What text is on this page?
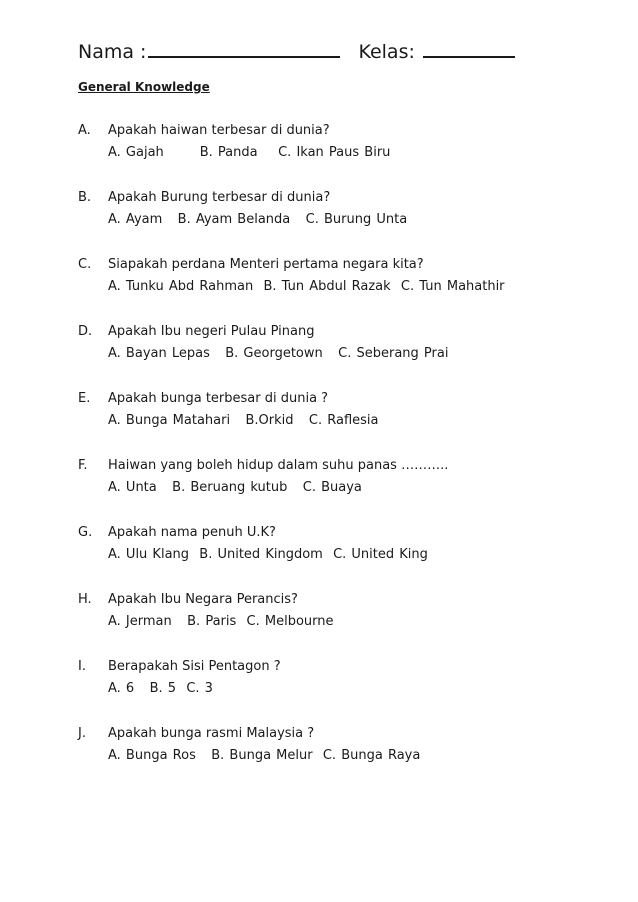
Nama :	Kelas:
General Knowledge
A. Apakah haiwan terbesar di dunia?
A. Gajah       B. Panda    C. Ikan Paus Biru
B. Apakah Burung terbesar di dunia?
A. Ayam   B. Ayam Belanda   C. Burung Unta
C. Siapakah perdana Menteri pertama negara kita?
A. Tunku Abd Rahman  B. Tun Abdul Razak  C. Tun Mahathir
D. Apakah Ibu negeri Pulau Pinang
A. Bayan Lepas   B. Georgetown   C. Seberang Prai
E. Apakah bunga terbesar di dunia ?
A. Bunga Matahari   B.Orkid   C. Raflesia
F. Haiwan yang boleh hidup dalam suhu panas ………..
A. Unta   B. Beruang kutub   C. Buaya
G. Apakah nama penuh U.K?
A. Ulu Klang  B. United Kingdom  C. United King
H. Apakah Ibu Negara Perancis?
A. Jerman   B. Paris  C. Melbourne
I. Berapakah Sisi Pentagon ?
A. 6   B. 5  C. 3
J. Apakah bunga rasmi Malaysia ?
A. Bunga Ros   B. Bunga Melur  C. Bunga Raya
